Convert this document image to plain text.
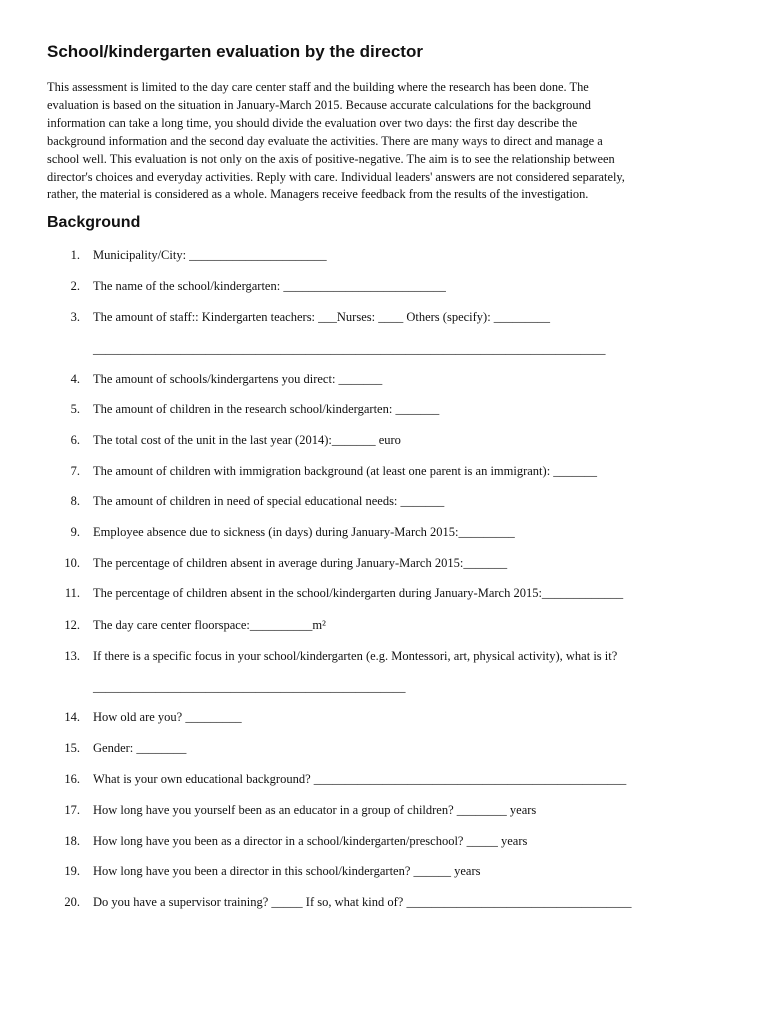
School/kindergarten evaluation by the director
This assessment is limited to the day care center staff and the building where the research has been done. The
evaluation is based on the situation in January-March 2015. Because accurate calculations for the background
information can take a long time, you should divide the evaluation over two days: the first day describe the
background information and the second day evaluate the activities. There are many ways to direct and manage a
school well. This evaluation is not only on the axis of positive-negative. The aim is to see the relationship between
director's choices and everyday activities. Reply with care. Individual leaders' answers are not considered separately,
rather, the material is considered as a whole. Managers receive feedback from the results of the investigation.
Background
1. Municipality/City: ______________________
2. The name of the school/kindergarten: __________________________
3. The amount of staff:: Kindergarten teachers: ___Nurses: ____ Others (specify): _________
__________________________________________________________________________________
4. The amount of schools/kindergartens you direct: _______
5. The amount of children in the research school/kindergarten: _______
6. The total cost of the unit in the last year (2014):_______ euro
7. The amount of children with immigration background (at least one parent is an immigrant): _______
8. The amount of children in need of special educational needs: _______
9. Employee absence due to sickness (in days) during January-March 2015:_________
10. The percentage of children absent in average during January-March 2015:_______
11. The percentage of children absent in the school/kindergarten during January-March 2015:_____________
12. The day care center floorspace:__________m²
13. If there is a specific focus in your school/kindergarten (e.g. Montessori, art, physical activity), what is it?
__________________________________________________
14. How old are you? _________
15. Gender: ________
16. What is your own educational background? __________________________________________________
17. How long have you yourself been as an educator in a group of children? ________ years
18. How long have you been as a director in a school/kindergarten/preschool? _____ years
19. How long have you been a director in this school/kindergarten? ______ years
20. Do you have a supervisor training? _____ If so, what kind of? ____________________________________
